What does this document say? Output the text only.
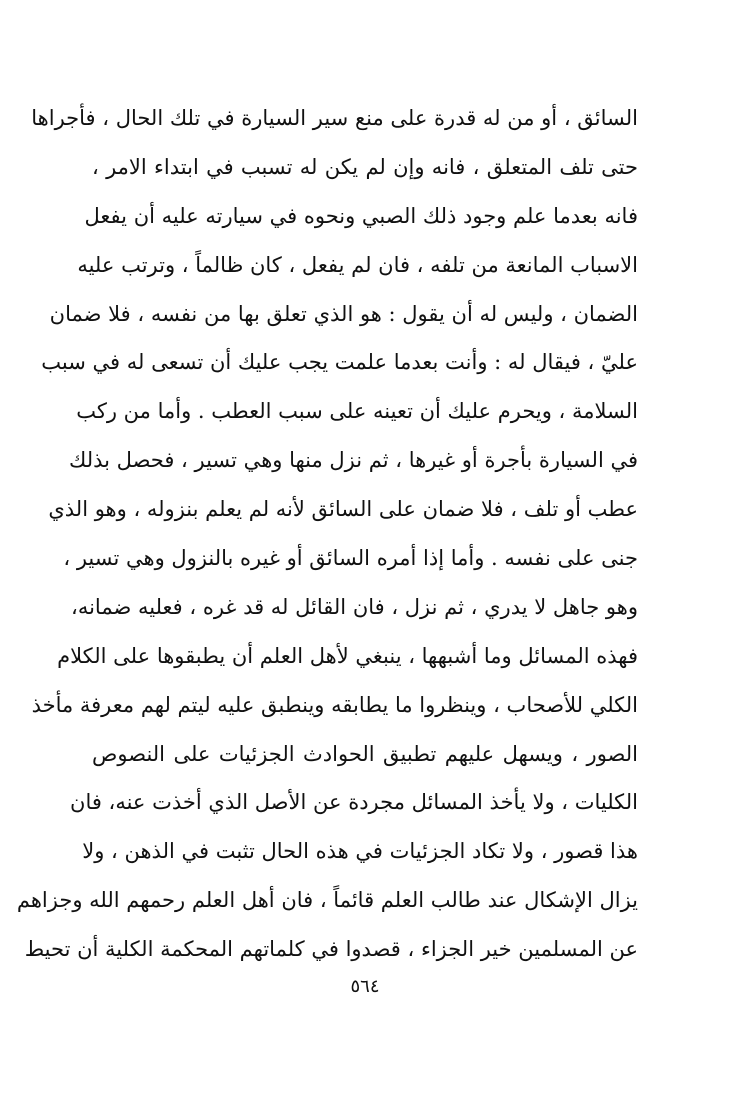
السائق ، أو من له قدرة على منع سير السيارة في تلك الحال ، فأجراها
حتى تلف المتعلق ، فانه وإن لم يكن له تسبب في ابتداء الامر ،
فانه بعدما علم وجود ذلك الصبي ونحوه في سيارته عليه أن يفعل
الاسباب المانعة من تلفه ، فان لم يفعل ، كان ظالماً ، وترتب عليه
الضمان ، وليس له أن يقول : هو الذي تعلق بها من نفسه ، فلا ضمان
عليّ ، فيقال له : وأنت بعدما علمت يجب عليك أن تسعى له في سبب
السلامة ، ويحرم عليك أن تعينه على سبب العطب . وأما من ركب
في السيارة بأجرة أو غيرها ، ثم نزل منها وهي تسير ، فحصل بذلك
عطب أو تلف ، فلا ضمان على السائق لأنه لم يعلم بنزوله ، وهو الذي
جنى على نفسه . وأما إذا أمره السائق أو غيره بالنزول وهي تسير ،
وهو جاهل لا يدري ، ثم نزل ، فان القائل له قد غره ، فعليه ضمانه،
فهذه المسائل وما أشبهها ، ينبغي لأهل العلم أن يطبقوها على الكلام
الكلي للأصحاب ، وينظروا ما يطابقه وينطبق عليه ليتم لهم معرفة مأخذ
الصور ، ويسهل عليهم تطبيق الحوادث الجزئيات على النصوص
الكليات ، ولا يأخذ المسائل مجردة عن الأصل الذي أخذت عنه، فان
هذا قصور ، ولا تكاد الجزئيات في هذه الحال تثبت في الذهن ، ولا
يزال الإشكال عند طالب العلم قائماً ، فان أهل العلم رحمهم الله وجزاهم
عن المسلمين خير الجزاء ، قصدوا في كلماتهم المحكمة الكلية أن تحيط
٥٦٤
